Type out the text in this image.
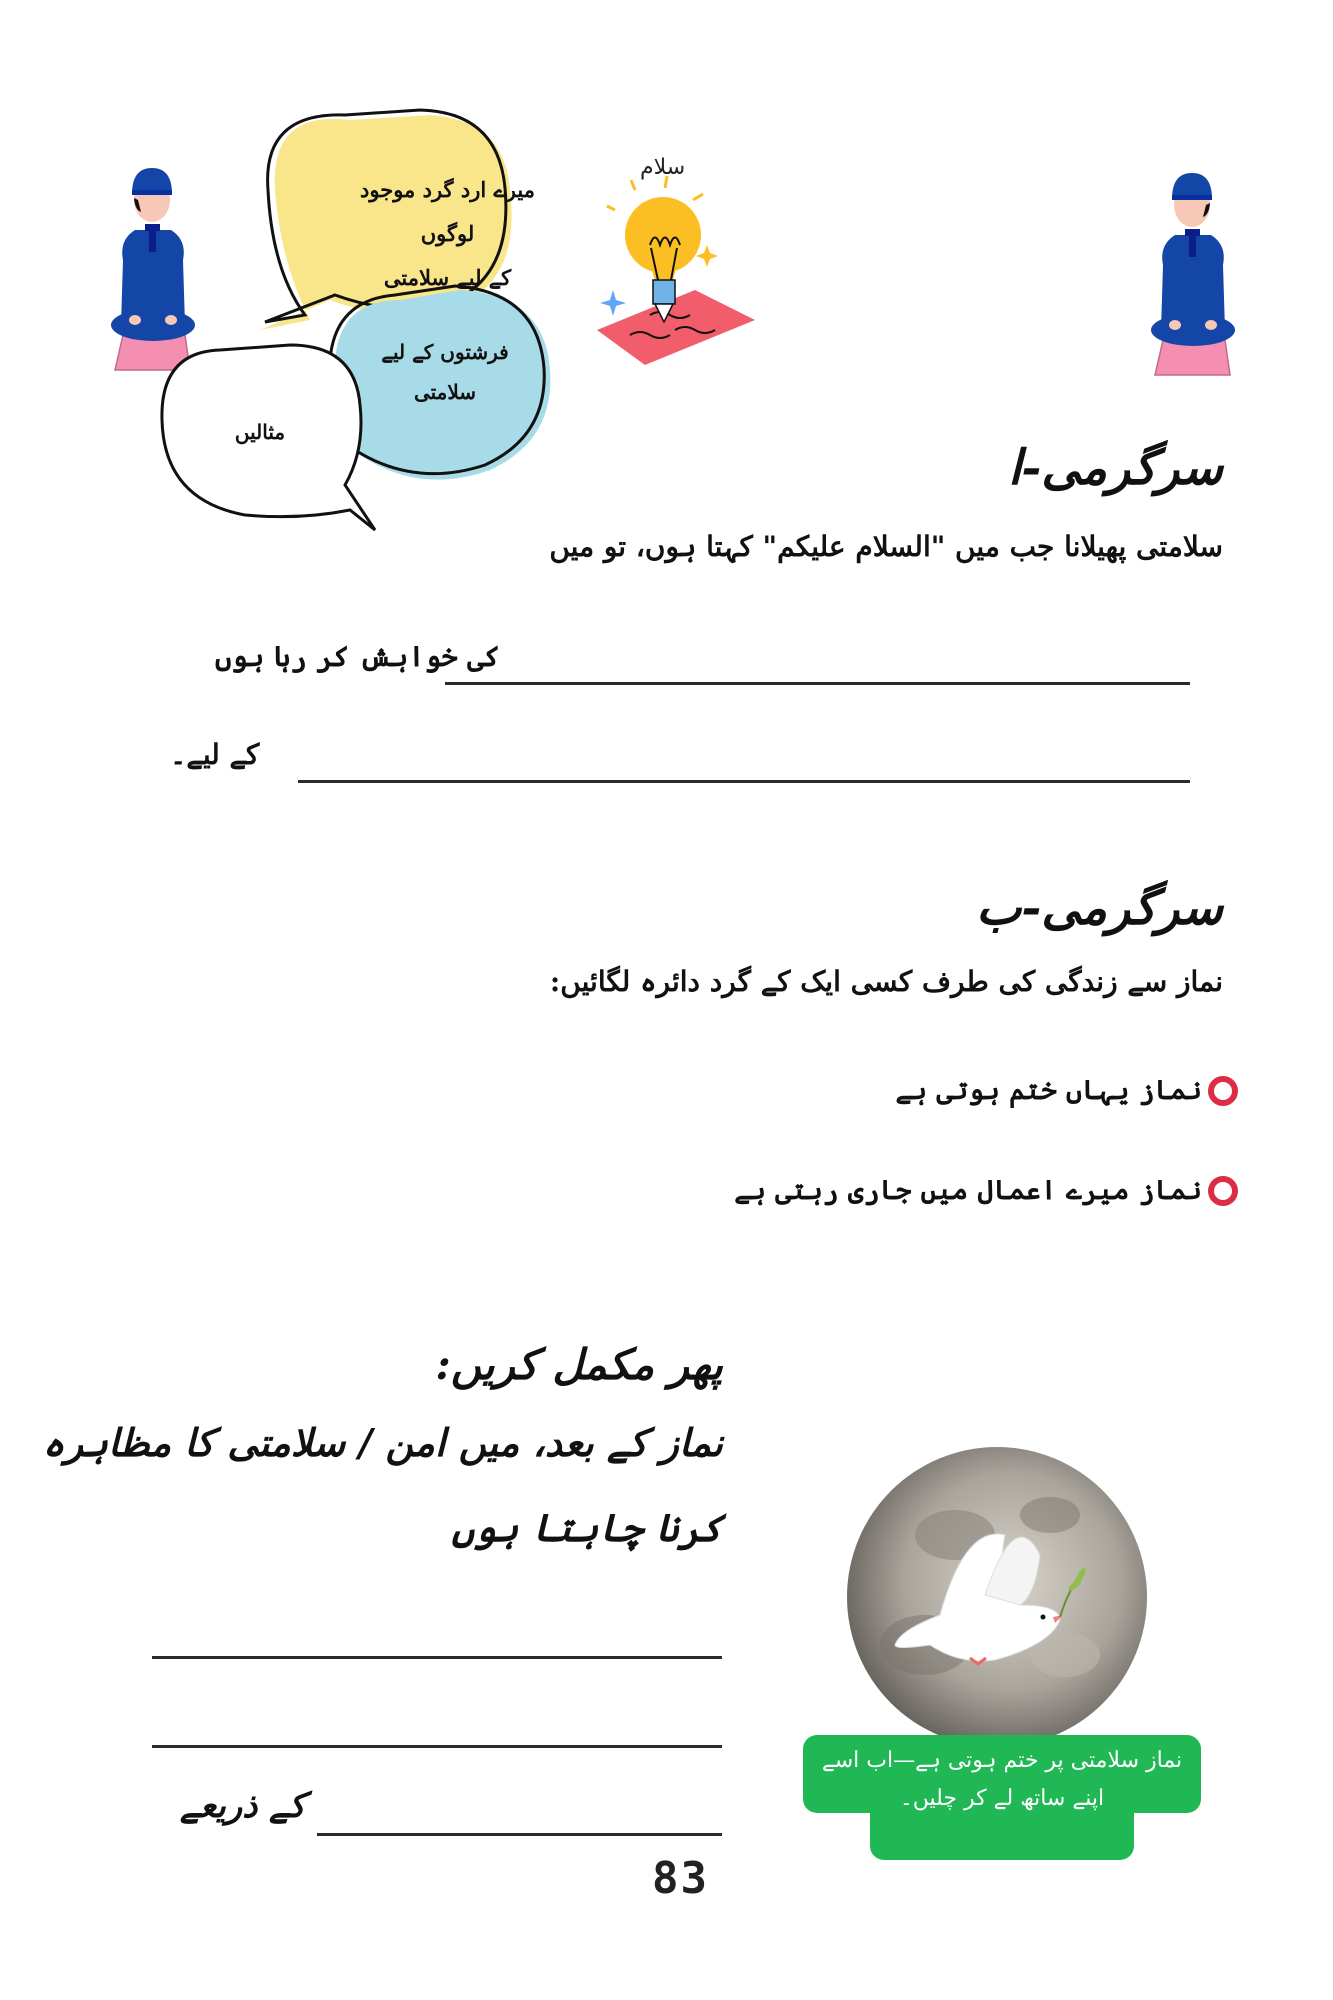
میرے ارد گرد موجود لوگوں
کے لیے سلامتی
فرشتوں کے لیے
سلامتی
مثالیں
سلام
سرگرمی-ا
سلامتی پھیلانا جب میں "السلام علیکم" کہتا ہوں، تو میں
کی خواہش کر رہا ہوں
کے لیے۔
سرگرمی-ب
نماز سے زندگی کی طرف کسی ایک کے گرد دائرہ لگائیں:
نماز یہاں ختم ہوتی ہے
نماز میرے اعمال میں جاری رہتی ہے
پھر مکمل کریں:
نماز کے بعد، میں امن / سلامتی کا مظاہرہ
کرنا چاہتا ہوں
کے ذریعے
نماز سلامتی پر ختم ہوتی ہے—اب اسے
اپنے ساتھ لے کر چلیں۔
83
